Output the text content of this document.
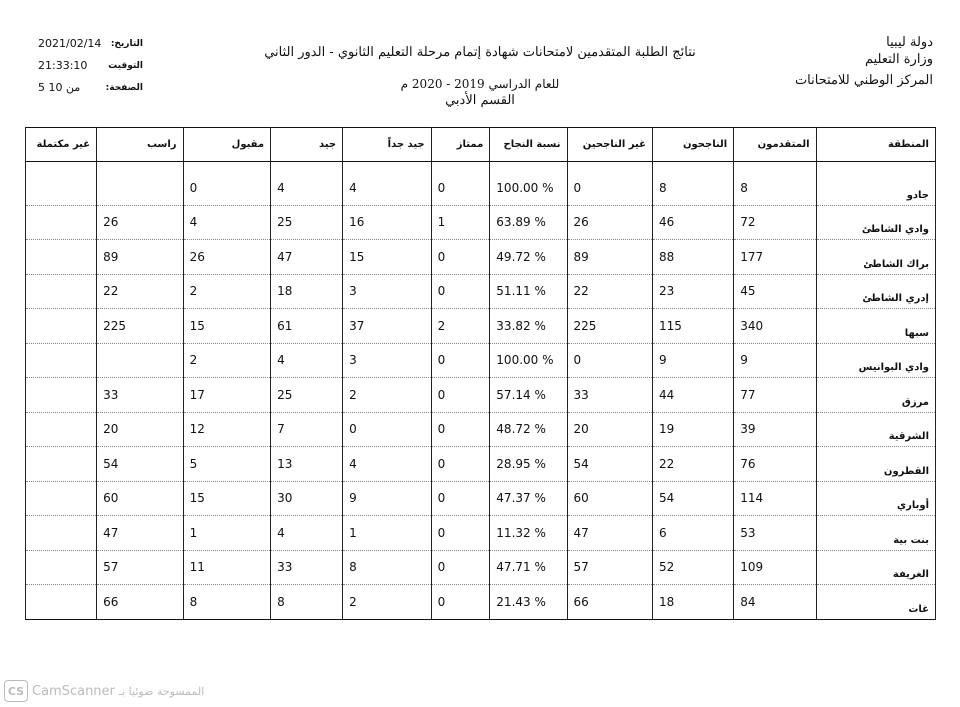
دولة ليبيا
وزارة التعليم
المركز الوطني للامتحانات
نتائج الطلبة المتقدمين لامتحانات شهادة إتمام مرحلة التعليم الثانوي - الدور الثاني
للعام الدراسي 2019 - 2020 م
القسم الأدبي
التاريخ:
2021/02/14
التوقيت
21:33:10
الصفحة:
5 من 10
المنطقة	المتقدمون	الناجحون	غير الناجحين	نسبة النجاح	ممتاز	جيد جداً	جيد	مقبول	راسب	غير مكتملة

جادو	8	8	0	% 100.00	0	4	4	0		
وادي الشاطئ	72	46	26	% 63.89	1	16	25	4	26	
براك الشاطئ	177	88	89	% 49.72	0	15	47	26	89	
إدري الشاطئ	45	23	22	% 51.11	0	3	18	2	22	
سبها	340	115	225	% 33.82	2	37	61	15	225	
وادي البوانيس	9	9	0	% 100.00	0	3	4	2		
مرزق	77	44	33	% 57.14	0	2	25	17	33	
الشرقية	39	19	20	% 48.72	0	0	7	12	20	
القطرون	76	22	54	% 28.95	0	4	13	5	54	
أوباري	114	54	60	% 47.37	0	9	30	15	60	
بنت بية	53	6	47	% 11.32	0	1	4	1	47	
الغريفة	109	52	57	% 47.71	0	8	33	11	57	
غات	84	18	66	% 21.43	0	2	8	8	66	
CS CamScanner الممسوحة ضوئيا بـ
